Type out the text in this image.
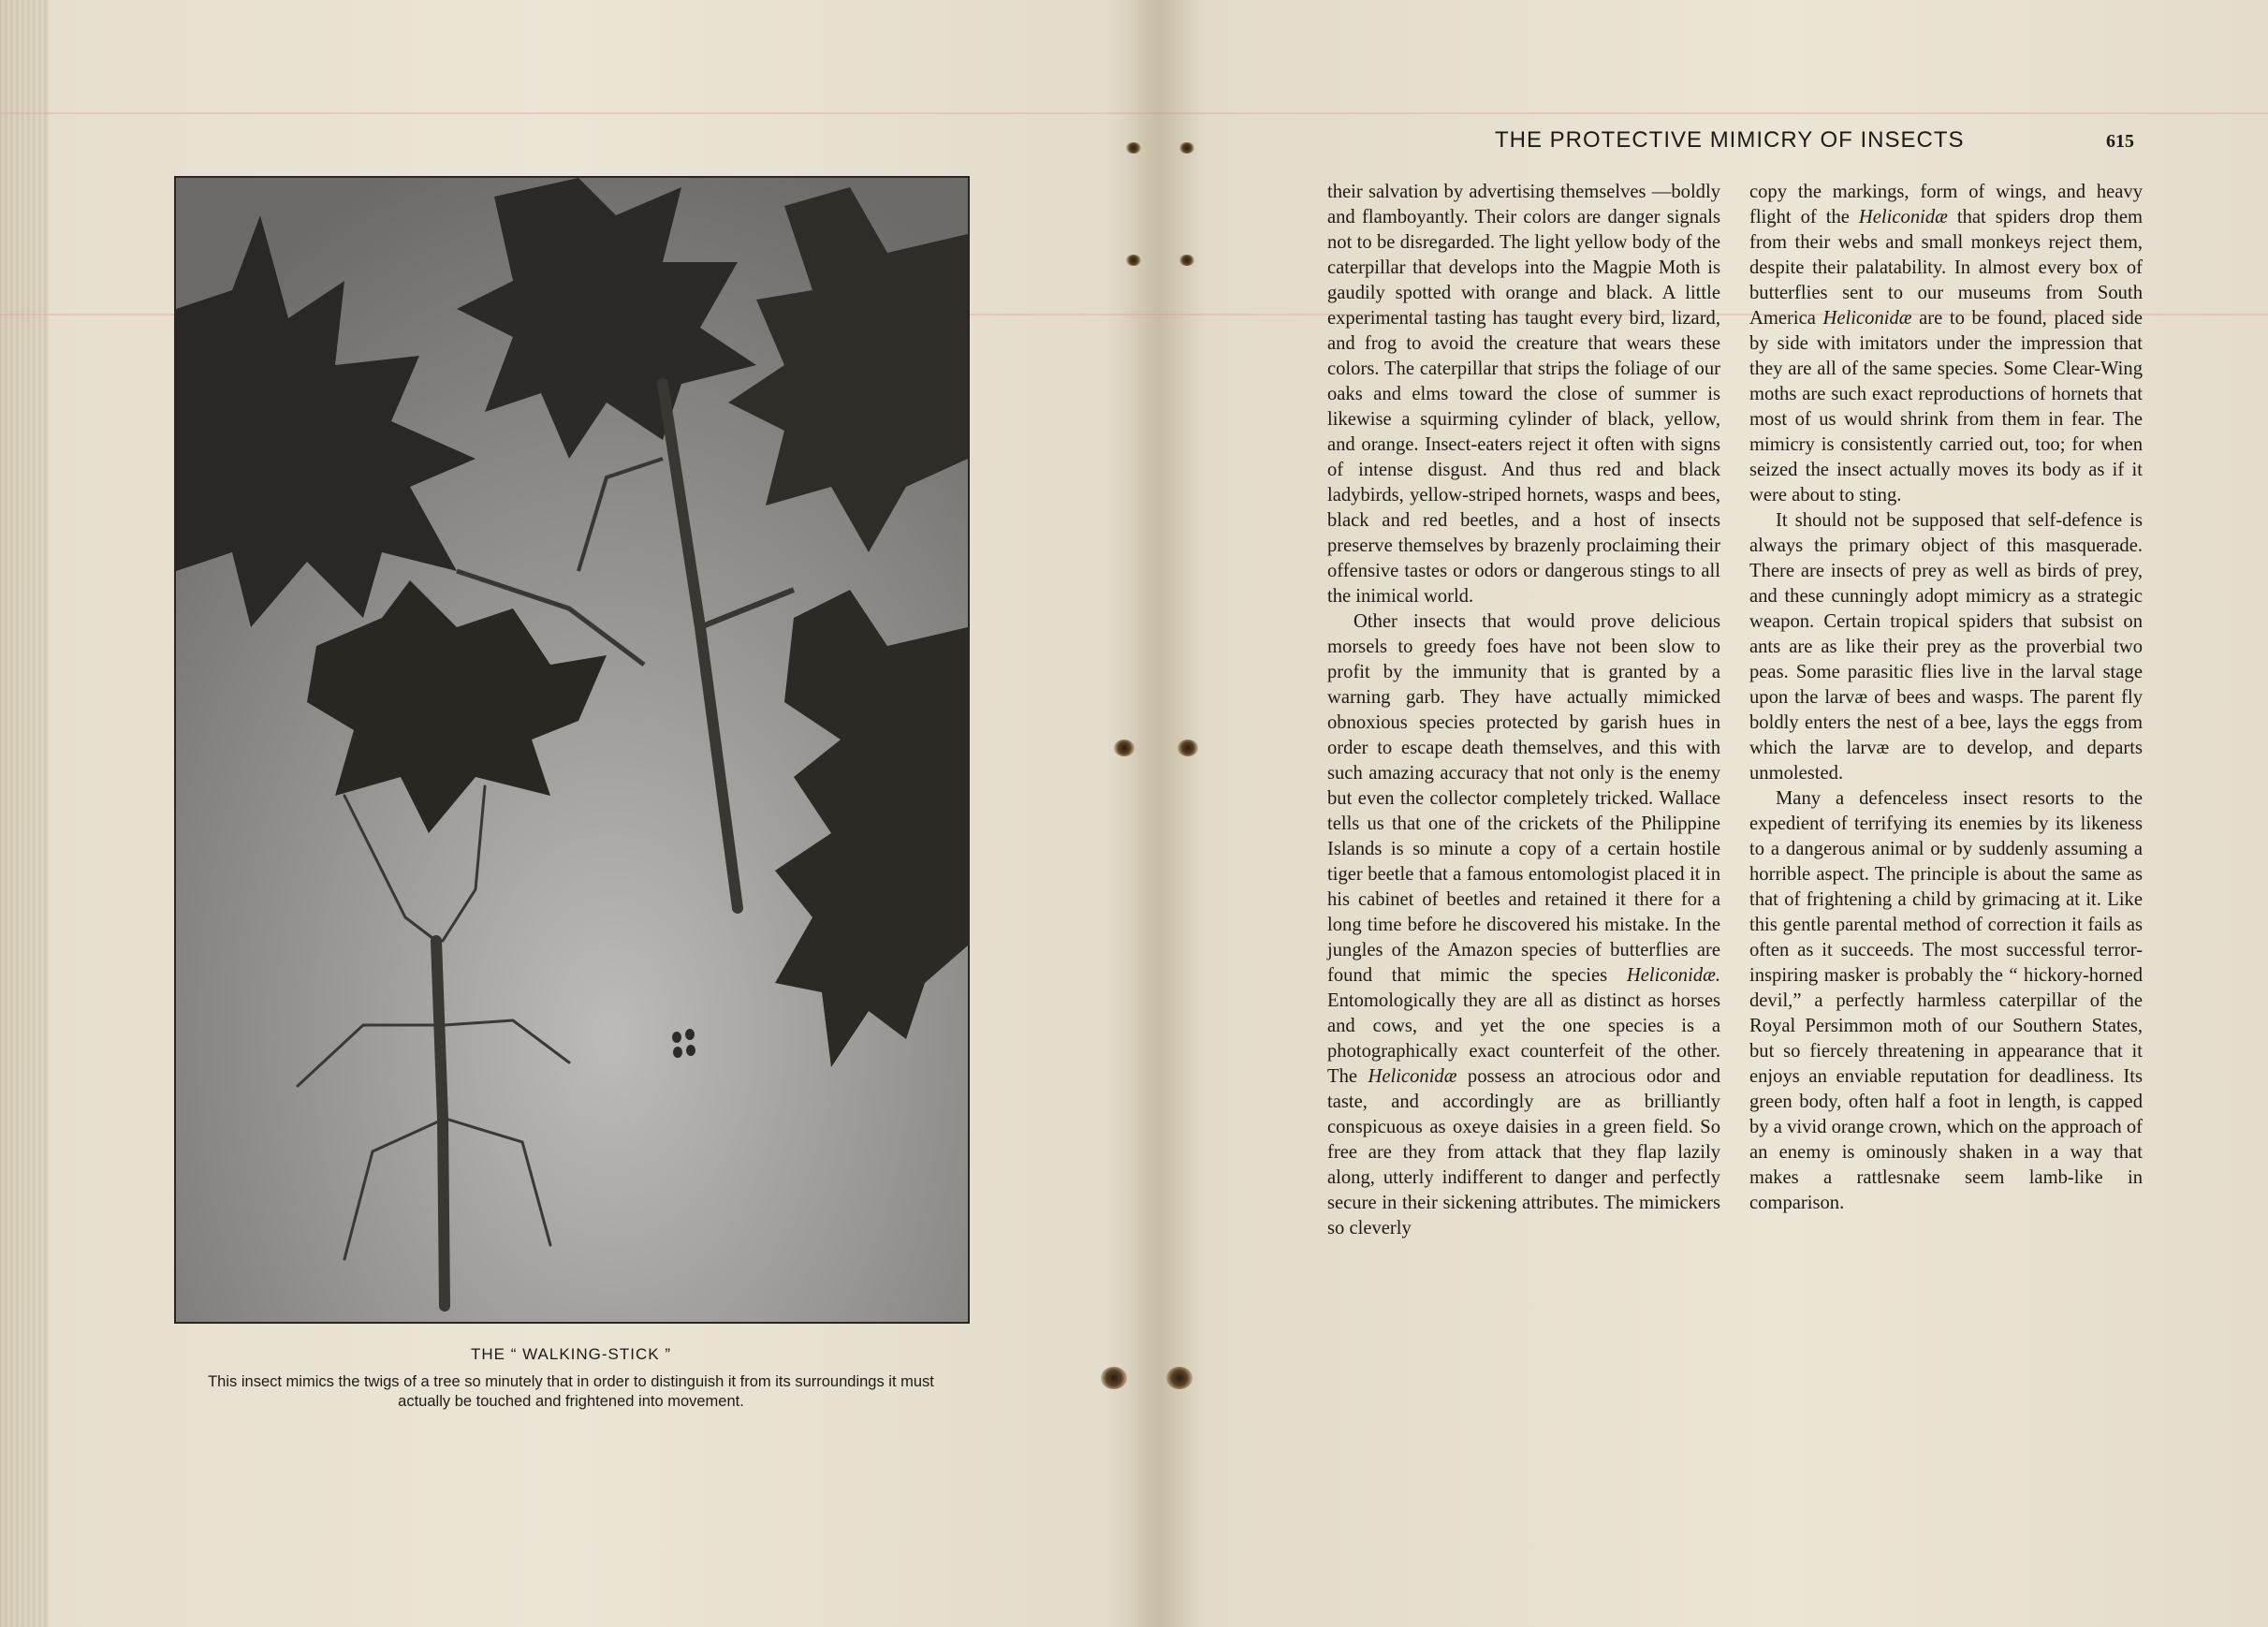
THE “ WALKING-STICK ”
This insect mimics the twigs of a tree so minutely that in order to distinguish it from its surroundings it must actually be touched and frightened into movement.
THE PROTECTIVE MIMICRY OF INSECTS	615

their salvation by advertising themselves —boldly and flamboyantly. Their colors are danger signals not to be disregarded. The light yellow body of the caterpillar that develops into the Magpie Moth is gaudily spotted with orange and black. A little experimental tasting has taught every bird, lizard, and frog to avoid the creature that wears these colors. The caterpillar that strips the foliage of our oaks and elms toward the close of summer is likewise a squirming cylinder of black, yellow, and orange. Insect-eaters reject it often with signs of intense disgust. And thus red and black ladybirds, yellow-striped hornets, wasps and bees, black and red beetles, and a host of insects preserve themselves by brazenly proclaiming their offensive tastes or odors or dangerous stings to all the inimical world.

Other insects that would prove delicious morsels to greedy foes have not been slow to profit by the immunity that is granted by a warning garb. They have actually mimicked obnoxious species protected by garish hues in order to escape death themselves, and this with such amazing accuracy that not only is the enemy but even the collector completely tricked. Wallace tells us that one of the crickets of the Philippine Islands is so minute a copy of a certain hostile tiger beetle that a famous entomologist placed it in his cabinet of beetles and retained it there for a long time before he discovered his mistake. In the jungles of the Amazon species of butterflies are found that mimic the species Heliconidæ. Entomologically they are all as distinct as horses and cows, and yet the one species is a photographically exact counterfeit of the other. The Heliconidæ possess an atrocious odor and taste, and accordingly are as brilliantly conspicuous as oxeye daisies in a green field. So free are they from attack that they flap lazily along, utterly indifferent to danger and perfectly secure in their sickening attributes. The mimickers so cleverly

copy the markings, form of wings, and heavy flight of the Heliconidæ that spiders drop them from their webs and small monkeys reject them, despite their palatability. In almost every box of butterflies sent to our museums from South America Heliconidæ are to be found, placed side by side with imitators under the impression that they are all of the same species. Some Clear-Wing moths are such exact reproductions of hornets that most of us would shrink from them in fear. The mimicry is consistently carried out, too; for when seized the insect actually moves its body as if it were about to sting.

It should not be supposed that self-defence is always the primary object of this masquerade. There are insects of prey as well as birds of prey, and these cunningly adopt mimicry as a strategic weapon. Certain tropical spiders that subsist on ants are as like their prey as the proverbial two peas. Some parasitic flies live in the larval stage upon the larvæ of bees and wasps. The parent fly boldly enters the nest of a bee, lays the eggs from which the larvæ are to develop, and departs unmolested.

Many a defenceless insect resorts to the expedient of terrifying its enemies by its likeness to a dangerous animal or by suddenly assuming a horrible aspect. The principle is about the same as that of frightening a child by grimacing at it. Like this gentle parental method of correction it fails as often as it succeeds. The most successful terror-inspiring masker is probably the “ hickory-horned devil,” a perfectly harmless caterpillar of the Royal Persimmon moth of our Southern States, but so fiercely threatening in appearance that it enjoys an enviable reputation for deadliness. Its green body, often half a foot in length, is capped by a vivid orange crown, which on the approach of an enemy is ominously shaken in a way that makes a rattlesnake seem lamb-like in comparison.
